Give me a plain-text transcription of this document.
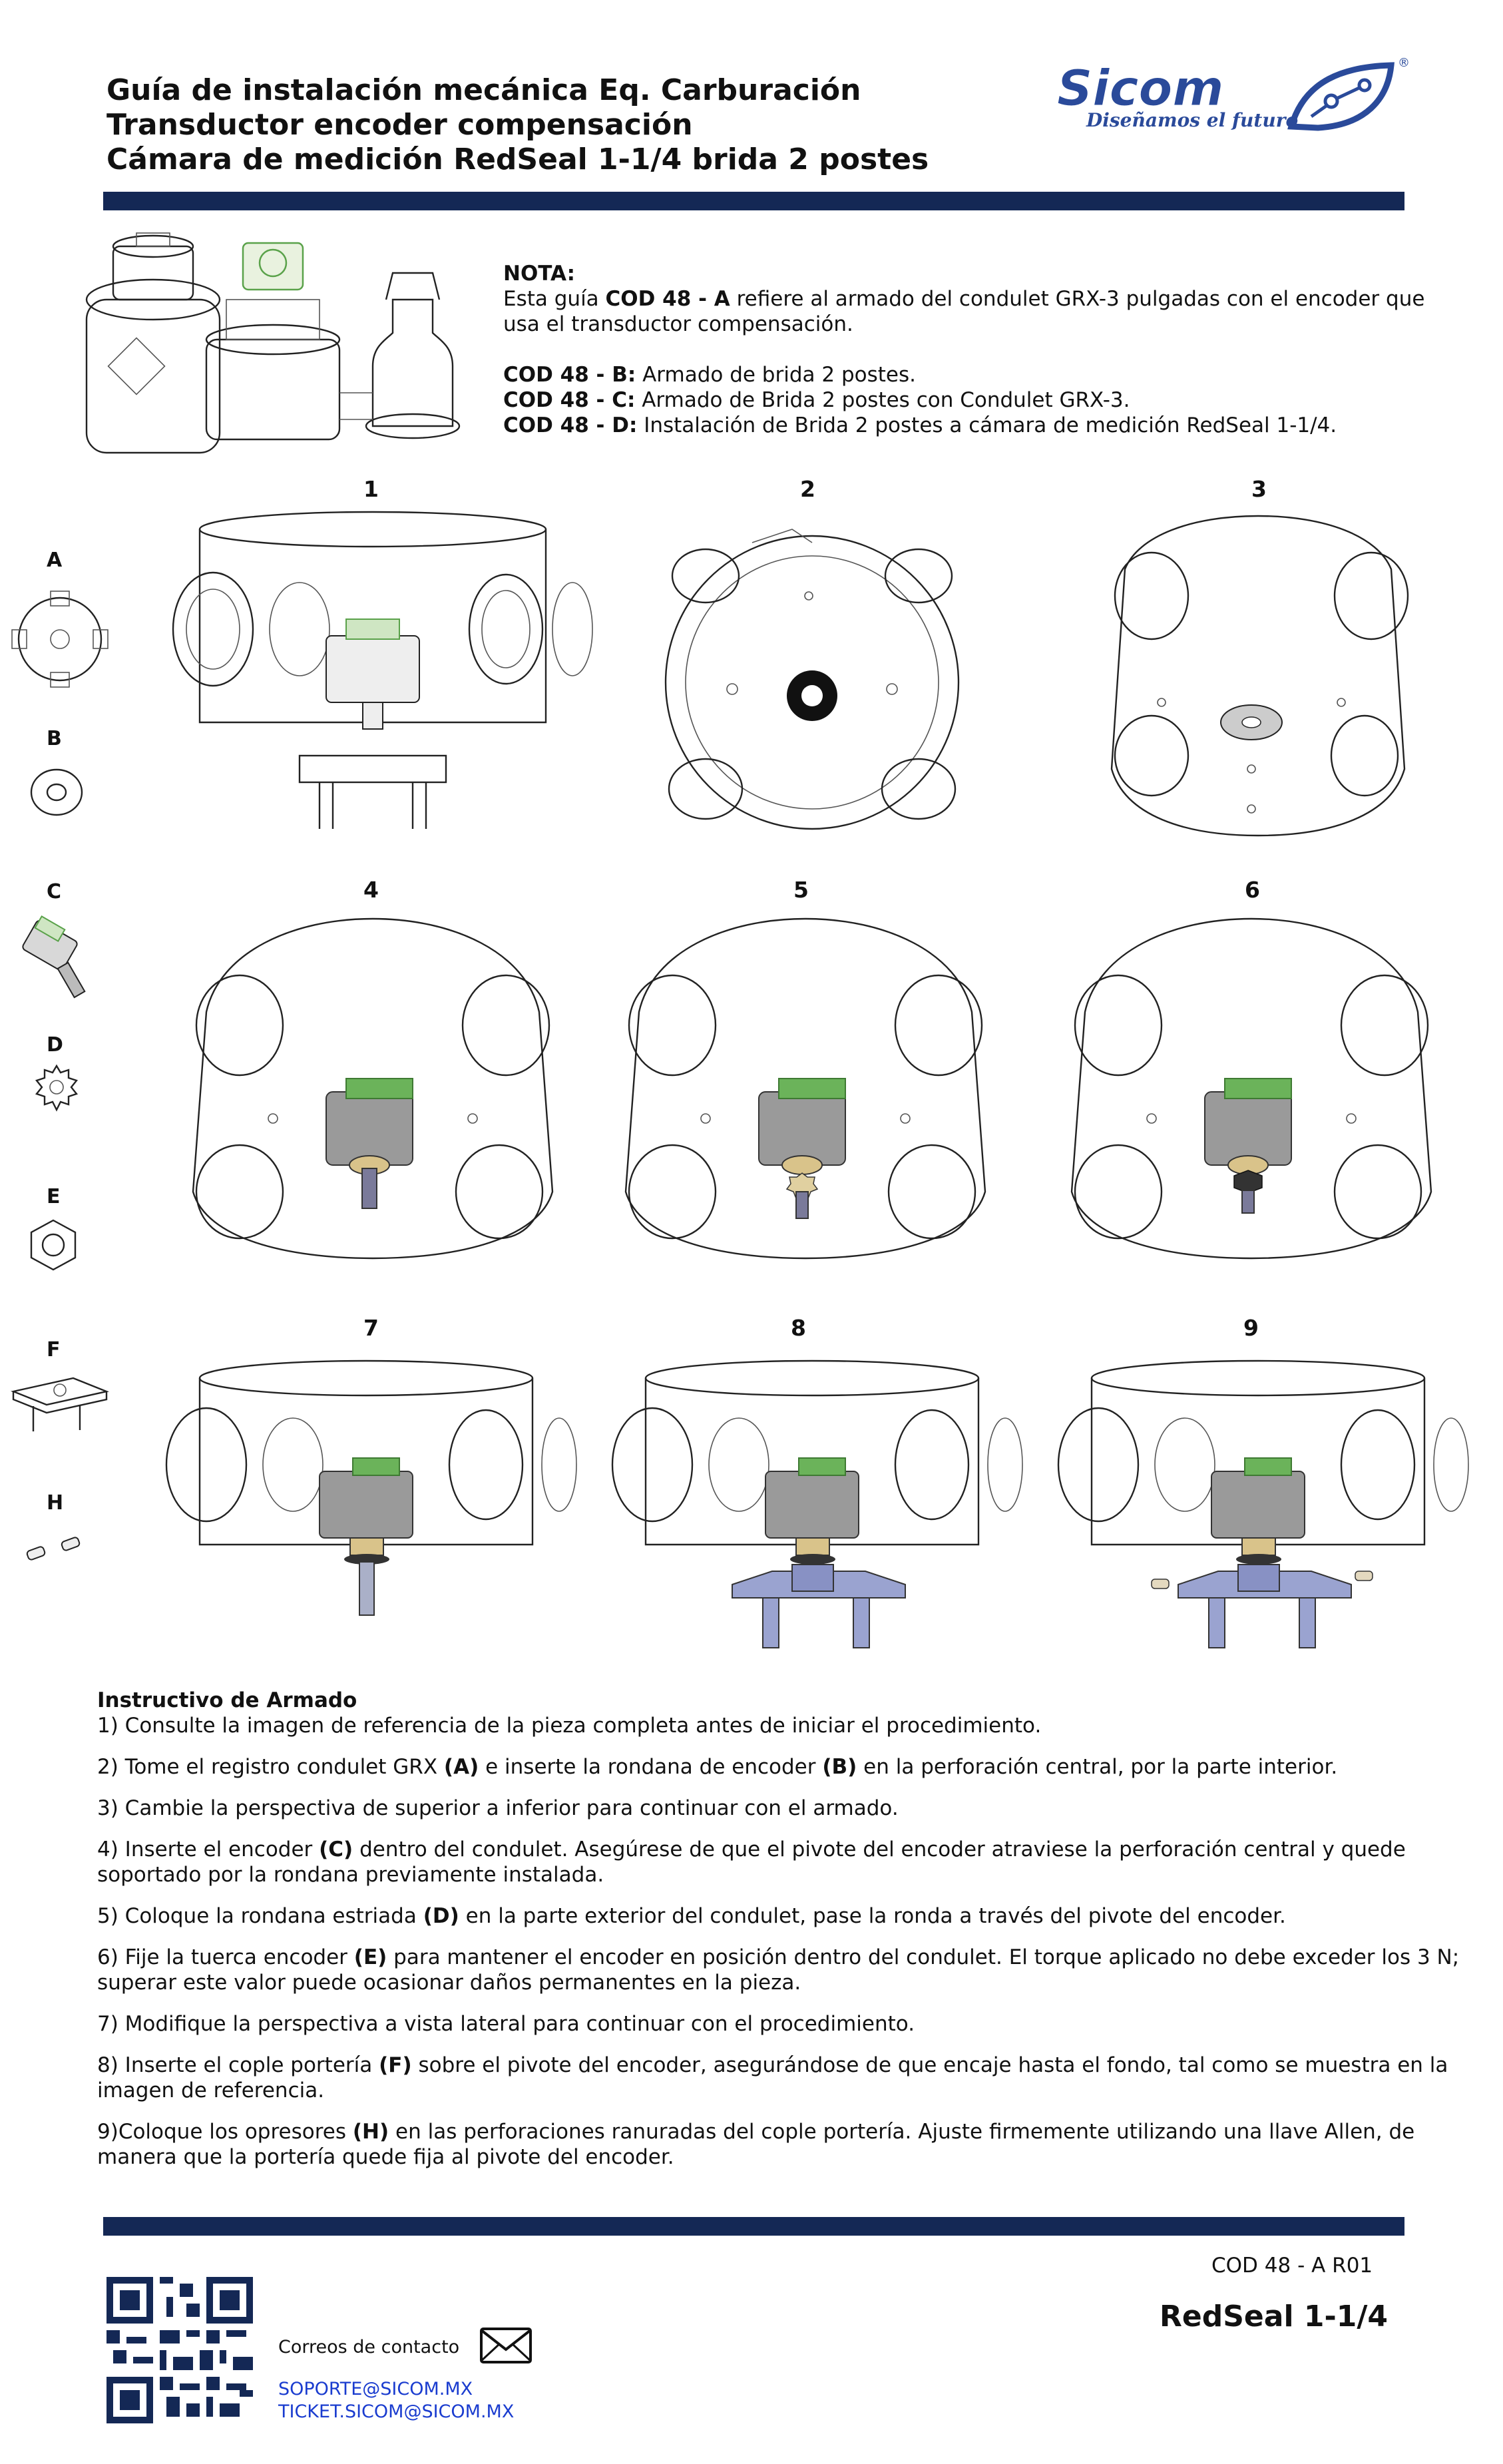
Guía de instalación mecánica Eq. Carburación
Transductor encoder compensación
Cámara de medición RedSeal 1-1/4 brida 2 postes
Sicom	®
Diseñamos el futuro
NOTA:
Esta guía COD 48 - A refiere al armado del condulet GRX-3 pulgadas con el encoder que usa el transductor compensación.
COD 48 - B: Armado de brida 2 postes.
COD 48 - C: Armado de Brida 2 postes con Condulet GRX-3.
COD 48 - D: Instalación de Brida 2 postes a cámara de medición RedSeal 1-1/4.
1	2	3
4	5	6
7	8	9
A
B
C
D
E
F
H
Instructivo de Armado

1) Consulte la imagen de referencia de la pieza completa antes de iniciar el procedimiento.

2) Tome el registro condulet GRX (A) e inserte la rondana de encoder (B) en la perforación central, por la parte interior.

3) Cambie la perspectiva de superior a inferior para continuar con el armado.

4) Inserte el encoder (C) dentro del condulet. Asegúrese de que el pivote del encoder atraviese la perforación central y quede soportado por la rondana previamente instalada.

5) Coloque la rondana estriada (D) en la parte exterior del condulet, pase la ronda a través del pivote del encoder.

6) Fije la tuerca encoder (E) para mantener el encoder en posición dentro del condulet. El torque aplicado no debe exceder los 3 N; superar este valor puede ocasionar daños permanentes en la pieza.

7) Modifique la perspectiva a vista lateral para continuar con el procedimiento.

8) Inserte el cople portería (F) sobre el pivote del encoder, asegurándose de que encaje hasta el fondo, tal como se muestra en la imagen de referencia.

9)Coloque los opresores (H) en las perforaciones ranuradas del cople portería. Ajuste firmemente utilizando una llave Allen, de manera que la portería quede fija al pivote del encoder.

COD 48 - A R01
RedSeal 1-1/4
Correos de contacto
SOPORTE@SICOM.MX
TICKET.SICOM@SICOM.MX
